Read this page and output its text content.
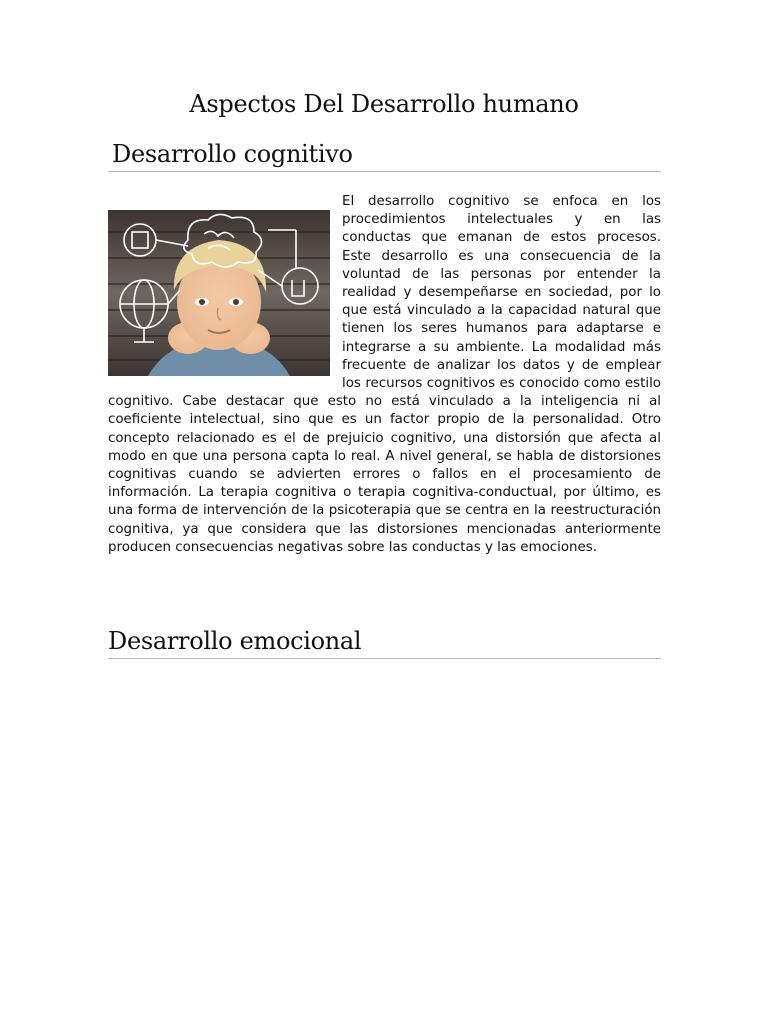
Aspectos Del Desarrollo humano
Desarrollo cognitivo
El desarrollo cognitivo se enfoca en los procedimientos intelectuales y en las conductas que emanan de estos procesos. Este desarrollo es una consecuencia de la voluntad de las personas por entender la realidad y desempeñarse en sociedad, por lo que está vinculado a la capacidad natural que tienen los seres humanos para adaptarse e integrarse a su ambiente. La modalidad más frecuente de analizar los datos y de emplear los recursos cognitivos es conocido como estilo cognitivo. Cabe destacar que esto no está vinculado a la inteligencia ni al coeficiente intelectual, sino que es un factor propio de la personalidad. Otro concepto relacionado es el de prejuicio cognitivo, una distorsión que afecta al modo en que una persona capta lo real. A nivel general, se habla de distorsiones cognitivas cuando se advierten errores o fallos en el procesamiento de información. La terapia cognitiva o terapia cognitiva-conductual, por último, es una forma de intervención de la psicoterapia que se centra en la reestructuración cognitiva, ya que considera que las distorsiones mencionadas anteriormente producen consecuencias negativas sobre las conductas y las emociones.
Desarrollo emocional
